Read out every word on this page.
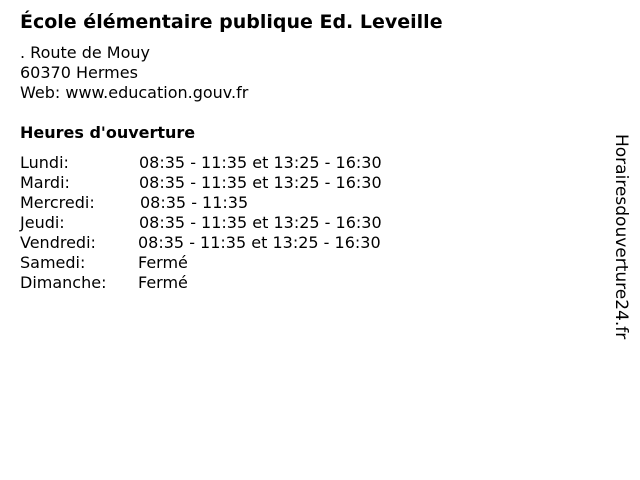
École élémentaire publique Ed. Leveille
. Route de Mouy
60370 Hermes
Web: www.education.gouv.fr
Heures d'ouverture
Lundi:	08:35 - 11:35 et 13:25 - 16:30
Mardi:	08:35 - 11:35 et 13:25 - 16:30
Mercredi:	08:35 - 11:35
Jeudi:	08:35 - 11:35 et 13:25 - 16:30
Vendredi:	08:35 - 11:35 et 13:25 - 16:30
Samedi:	Fermé
Dimanche: Fermé	Horairesdouverture24.fr
